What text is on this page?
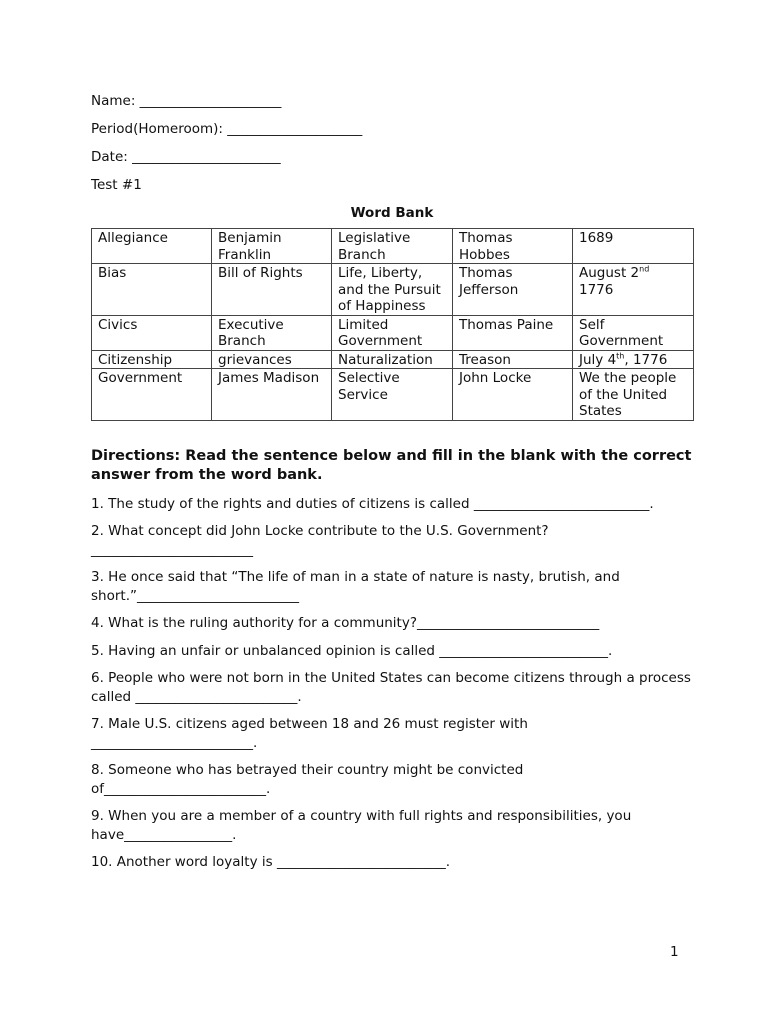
Name: _____________________
Period(Homeroom): ____________________
Date: ______________________
Test #1
Word Bank
Allegiance	Benjamin Franklin	Legislative Branch	Thomas Hobbes	1689
Bias	Bill of Rights	Life, Liberty, and the Pursuit of Happiness	Thomas Jefferson	August 2nd 1776
Civics	Executive Branch	Limited Government	Thomas Paine	Self Government
Citizenship	grievances	Naturalization	Treason	July 4th, 1776
Government	James Madison	Selective Service	John Locke	We the people of the United States
Directions: Read the sentence below and fill in the blank with the correct answer from the word bank.
1. The study of the rights and duties of citizens is called __________________________.
2. What concept did John Locke contribute to the U.S. Government? ________________________
3. He once said that “The life of man in a state of nature is nasty, brutish, and short.”________________________
4. What is the ruling authority for a community?___________________________
5. Having an unfair or unbalanced opinion is called _________________________.
6. People who were not born in the United States can become citizens through a process called ________________________.
7. Male U.S. citizens aged between 18 and 26 must register with ________________________.
8. Someone who has betrayed their country might be convicted of________________________.
9. When you are a member of a country with full rights and responsibilities, you have________________.
10. Another word loyalty is _________________________.
1
